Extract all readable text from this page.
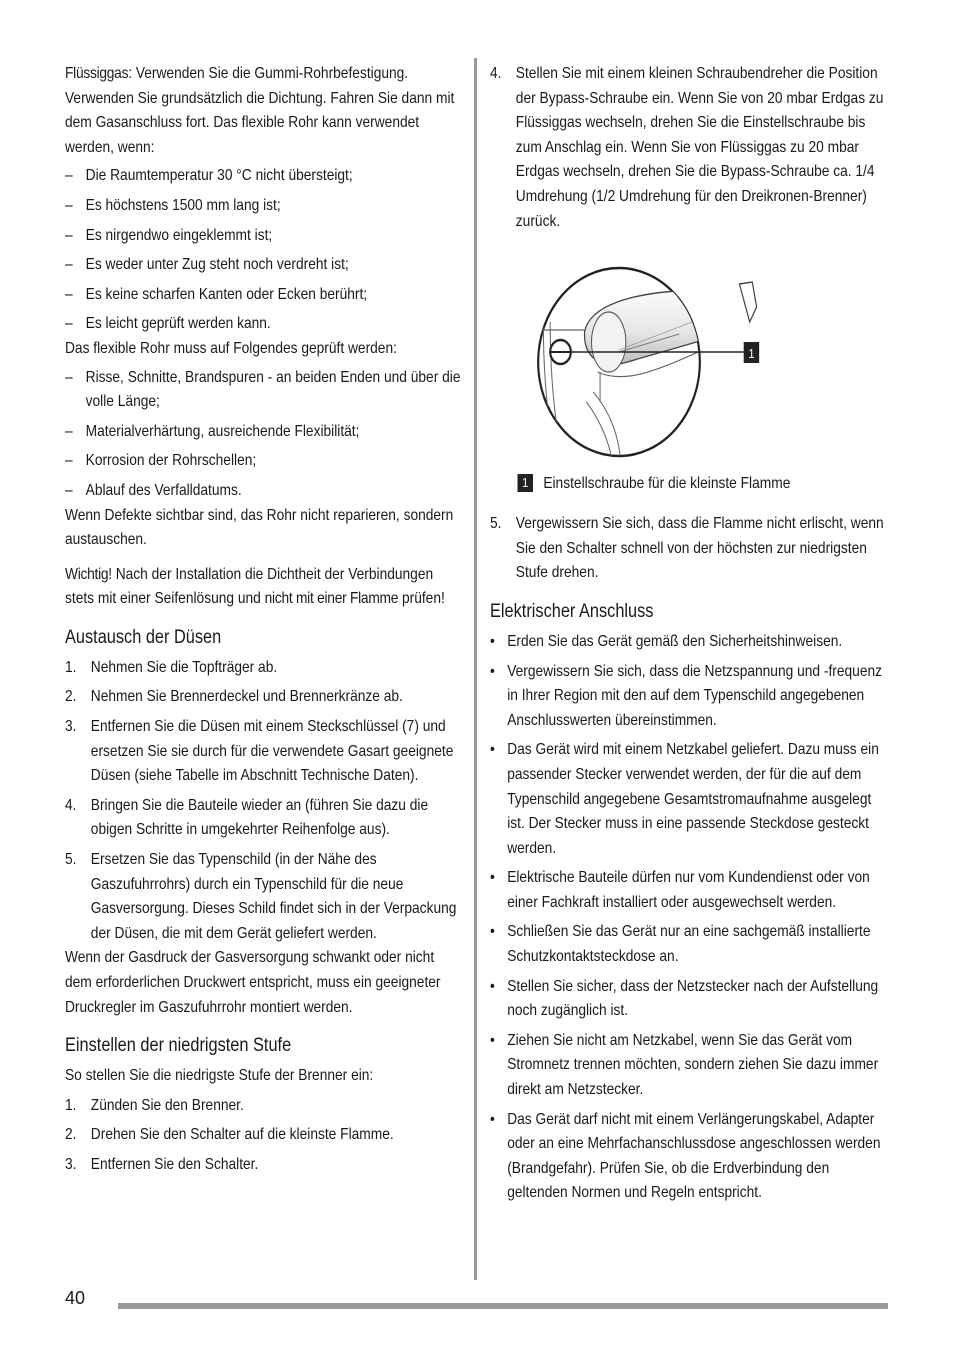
Flüssiggas: Verwenden Sie die Gummi-Rohrbefestigung. Verwenden Sie grundsätzlich die Dichtung. Fahren Sie dann mit dem Gasanschluss fort. Das flexible Rohr kann verwendet werden, wenn:

– Die Raumtemperatur 30 °C nicht übersteigt;
– Es höchstens 1500 mm lang ist;
– Es nirgendwo eingeklemmt ist;
– Es weder unter Zug steht noch verdreht ist;
– Es keine scharfen Kanten oder Ecken berührt;
– Es leicht geprüft werden kann.

Das flexible Rohr muss auf Folgendes geprüft werden:

– Risse, Schnitte, Brandspuren - an beiden Enden und über die volle Länge;
– Materialverhärtung, ausreichende Flexibilität;
– Korrosion der Rohrschellen;
– Ablauf des Verfalldatums.

Wenn Defekte sichtbar sind, das Rohr nicht reparieren, sondern austauschen.

Wichtig! Nach der Installation die Dichtheit der Verbindungen stets mit einer Seifenlösung und nicht mit einer Flamme prüfen!

Austausch der Düsen
1. Nehmen Sie die Topfträger ab.
2. Nehmen Sie Brennerdeckel und Brennerkränze ab.
3. Entfernen Sie die Düsen mit einem Steckschlüssel (7) und ersetzen Sie sie durch für die verwendete Gasart geeignete Düsen (siehe Tabelle im Abschnitt Technische Daten).
4. Bringen Sie die Bauteile wieder an (führen Sie dazu die obigen Schritte in umgekehrter Reihenfolge aus).
5. Ersetzen Sie das Typenschild (in der Nähe des Gaszufuhrrohrs) durch ein Typenschild für die neue Gasversorgung. Dieses Schild findet sich in der Verpackung der Düsen, die mit dem Gerät geliefert werden.

Wenn der Gasdruck der Gasversorgung schwankt oder nicht dem erforderlichen Druckwert entspricht, muss ein geeigneter Druckregler im Gaszufuhrrohr montiert werden.

Einstellen der niedrigsten Stufe

So stellen Sie die niedrigste Stufe der Brenner ein:

1. Zünden Sie den Brenner.
2. Drehen Sie den Schalter auf die kleinste Flamme.
3. Entfernen Sie den Schalter.
4. Stellen Sie mit einem kleinen Schraubendreher die Position der Bypass-Schraube ein. Wenn Sie von 20 mbar Erdgas zu Flüssiggas wechseln, drehen Sie die Einstellschraube bis zum Anschlag ein. Wenn Sie von Flüssiggas zu 20 mbar Erdgas wechseln, drehen Sie die Bypass-Schraube ca. 1/4 Umdrehung (1/2 Umdrehung für den Dreikronen-Brenner) zurück.
1
1 Einstellschraube für die kleinste Flamme
5. Vergewissern Sie sich, dass die Flamme nicht erlischt, wenn Sie den Schalter schnell von der höchsten zur niedrigsten Stufe drehen.
Elektrischer Anschluss
• Erden Sie das Gerät gemäß den Sicherheitshinweisen.
• Vergewissern Sie sich, dass die Netzspannung und -frequenz in Ihrer Region mit den auf dem Typenschild angegebenen Anschlusswerten übereinstimmen.
• Das Gerät wird mit einem Netzkabel geliefert. Dazu muss ein passender Stecker verwendet werden, der für die auf dem Typenschild angegebene Gesamtstromaufnahme ausgelegt ist. Der Stecker muss in eine passende Steckdose gesteckt werden.
• Elektrische Bauteile dürfen nur vom Kundendienst oder von einer Fachkraft installiert oder ausgewechselt werden.
• Schließen Sie das Gerät nur an eine sachgemäß installierte Schutzkontaktsteckdose an.
• Stellen Sie sicher, dass der Netzstecker nach der Aufstellung noch zugänglich ist.
• Ziehen Sie nicht am Netzkabel, wenn Sie das Gerät vom Stromnetz trennen möchten, sondern ziehen Sie dazu immer direkt am Netzstecker.
• Das Gerät darf nicht mit einem Verlängerungskabel, Adapter oder an eine Mehrfachanschlussdose angeschlossen werden (Brandgefahr). Prüfen Sie, ob die Erdverbindung den geltenden Normen und Regeln entspricht.
40
